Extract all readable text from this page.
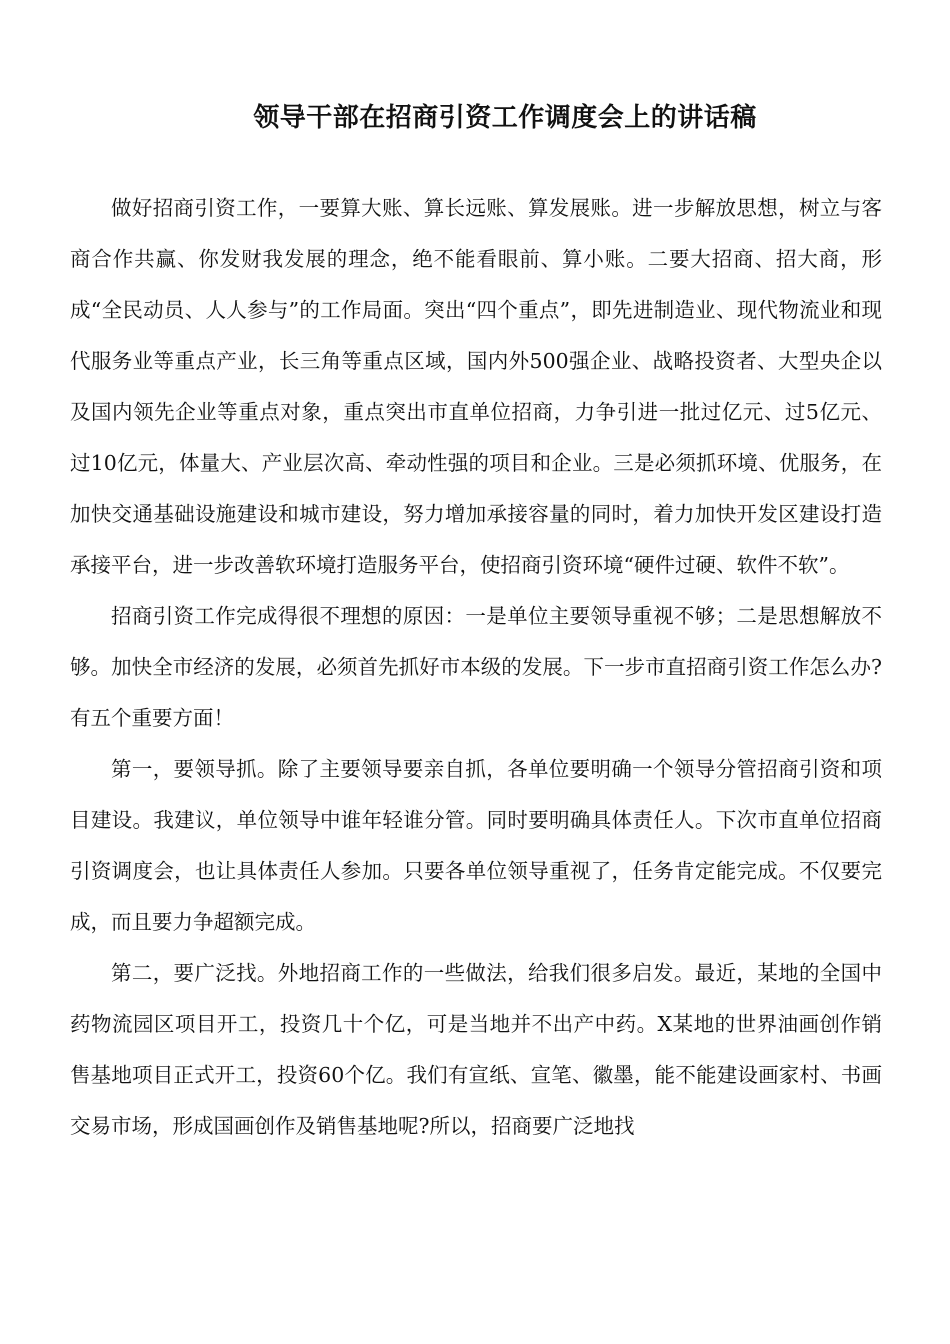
领导干部在招商引资工作调度会上的讲话稿

做好招商引资工作，一要算大账、算长远账、算发展账。进一步解放思想，树立与客商合作共赢、你发财我发展的理念，绝不能看眼前、算小账。二要大招商、招大商，形成“全民动员、人人参与”的工作局面。突出“四个重点”，即先进制造业、现代物流业和现代服务业等重点产业，长三角等重点区域，国内外500强企业、战略投资者、大型央企以及国内领先企业等重点对象，重点突出市直单位招商，力争引进一批过亿元、过5亿元、过10亿元，体量大、产业层次高、牵动性强的项目和企业。三是必须抓环境、优服务，在加快交通基础设施建设和城市建设，努力增加承接容量的同时，着力加快开发区建设打造承接平台，进一步改善软环境打造服务平台，使招商引资环境“硬件过硬、软件不软”。

招商引资工作完成得很不理想的原因：一是单位主要领导重视不够；二是思想解放不够。加快全市经济的发展，必须首先抓好市本级的发展。下一步市直招商引资工作怎么办?有五个重要方面！

第一，要领导抓。除了主要领导要亲自抓，各单位要明确一个领导分管招商引资和项目建设。我建议，单位领导中谁年轻谁分管。同时要明确具体责任人。下次市直单位招商引资调度会，也让具体责任人参加。只要各单位领导重视了，任务肯定能完成。不仅要完成，而且要力争超额完成。

第二，要广泛找。外地招商工作的一些做法，给我们很多启发。最近，某地的全国中药物流园区项目开工，投资几十个亿，可是当地并不出产中药。X某地的世界油画创作销售基地项目正式开工，投资60个亿。我们有宣纸、宣笔、徽墨，能不能建设画家村、书画交易市场，形成国画创作及销售基地呢?所以，招商要广泛地找
